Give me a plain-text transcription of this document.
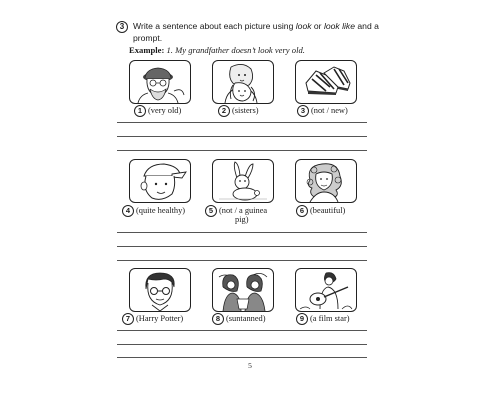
3	Write a sentence about each picture using look or look like and a prompt.
Example: 1. My grandfather doesn’t look very old.
1 (very old)	2 (sisters)	3 (not / new)
4 (quite healthy)	5 (not / a guinea
pig)
6 (beautiful)
7 (Harry Potter)	8 (suntanned)	9 (a film star)
5
